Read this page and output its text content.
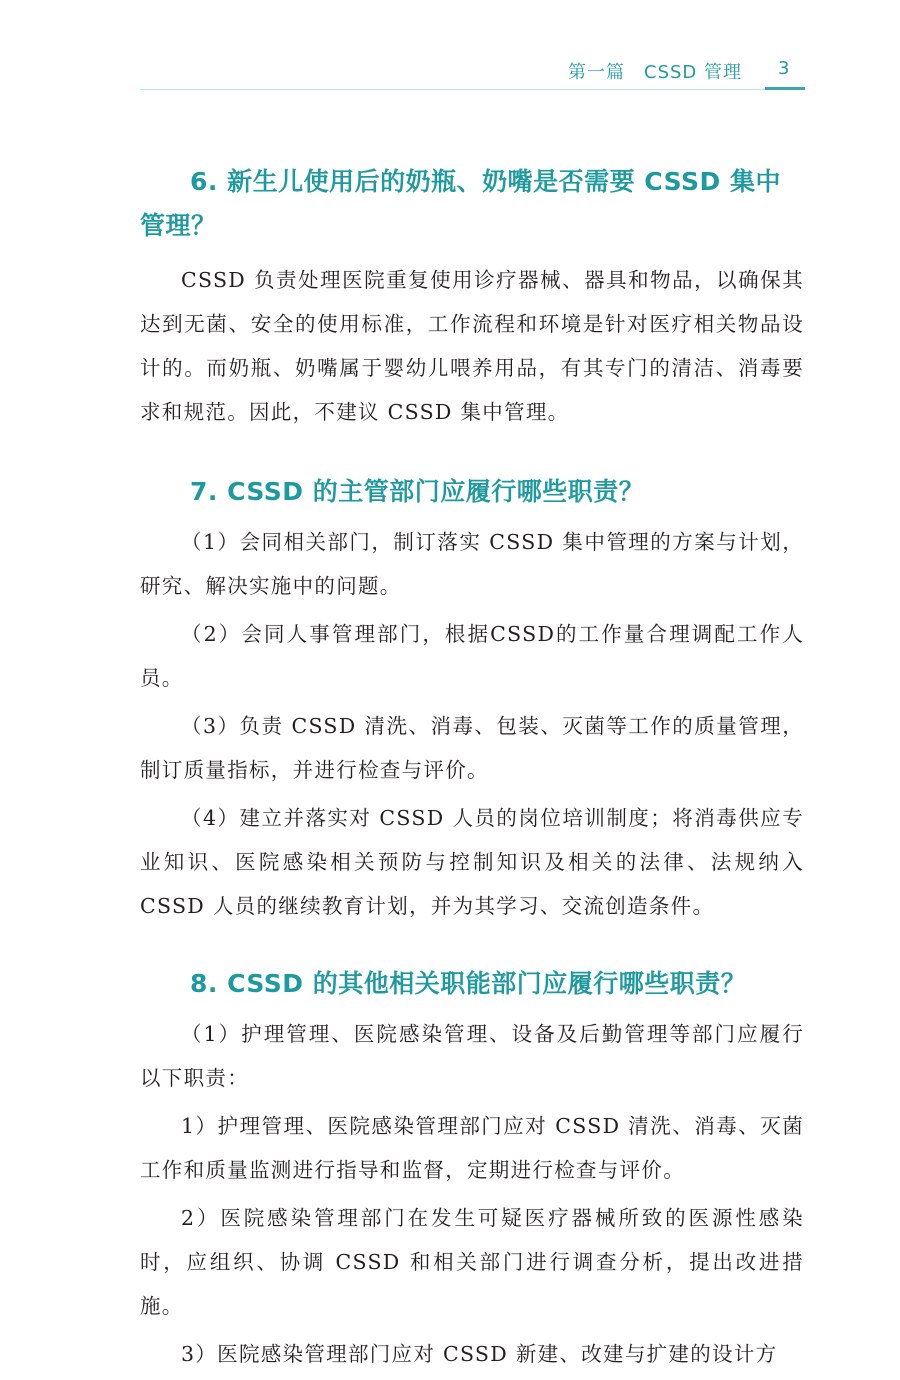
第一篇　CSSD 管理 3
6. 新生儿使用后的奶瓶、奶嘴是否需要 CSSD 集中管理？

CSSD 负责处理医院重复使用诊疗器械、器具和物品，以确保其达到无菌、安全的使用标准，工作流程和环境是针对医疗相关物品设计的。而奶瓶、奶嘴属于婴幼儿喂养用品，有其专门的清洁、消毒要求和规范。因此，不建议 CSSD 集中管理。

7. CSSD 的主管部门应履行哪些职责？

（1）会同相关部门，制订落实 CSSD 集中管理的方案与计划，研究、解决实施中的问题。

（2）会同人事管理部门，根据CSSD的工作量合理调配工作人员。

（3）负责 CSSD 清洗、消毒、包装、灭菌等工作的质量管理，制订质量指标，并进行检查与评价。

（4）建立并落实对 CSSD 人员的岗位培训制度；将消毒供应专业知识、医院感染相关预防与控制知识及相关的法律、法规纳入 CSSD 人员的继续教育计划，并为其学习、交流创造条件。

8. CSSD 的其他相关职能部门应履行哪些职责？

（1）护理管理、医院感染管理、设备及后勤管理等部门应履行以下职责：

1）护理管理、医院感染管理部门应对 CSSD 清洗、消毒、灭菌工作和质量监测进行指导和监督，定期进行检查与评价。

2）医院感染管理部门在发生可疑医疗器械所致的医源性感染时，应组织、协调 CSSD 和相关部门进行调查分析，提出改进措施。

3）医院感染管理部门应对 CSSD 新建、改建与扩建的设计方
